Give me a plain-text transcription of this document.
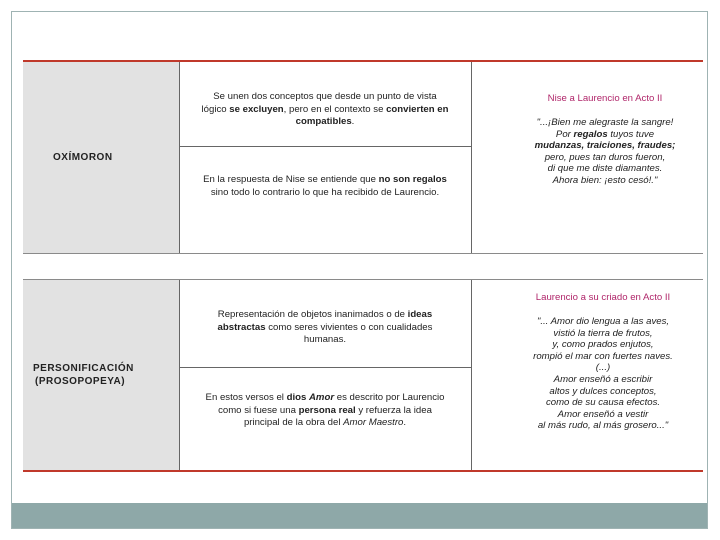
OXÍMORON
Se unen dos conceptos que desde un punto de vista
lógico se excluyen, pero en el contexto se convierten en
compatibles.
En la respuesta de Nise se entiende que no son regalos
sino todo lo contrario lo que ha recibido de Laurencio.
Nise a Laurencio en Acto II
"...¡Bien me alegraste la sangre!
Por regalos tuyos tuve
mudanzas, traiciones, fraudes;
pero, pues tan duros fueron,
di que me diste diamantes.
Ahora bien: ¡esto cesó!."
PERSONIFICACIÓN
(PROSOPOPEYA)
Representación de objetos inanimados o de ideas
abstractas como seres vivientes o con cualidades
humanas.
En estos versos el dios Amor es descrito por Laurencio
como si fuese una persona real y refuerza la idea
principal de la obra del Amor Maestro.
Laurencio a su criado en Acto II
"... Amor dio lengua a las aves,
vistió la tierra de frutos,
y, como prados enjutos,
rompió el mar con fuertes naves.
(...)
Amor enseñó a escribir
altos y dulces conceptos,
como de su causa efectos.
Amor enseñó a vestir
al más rudo, al más grosero..."
